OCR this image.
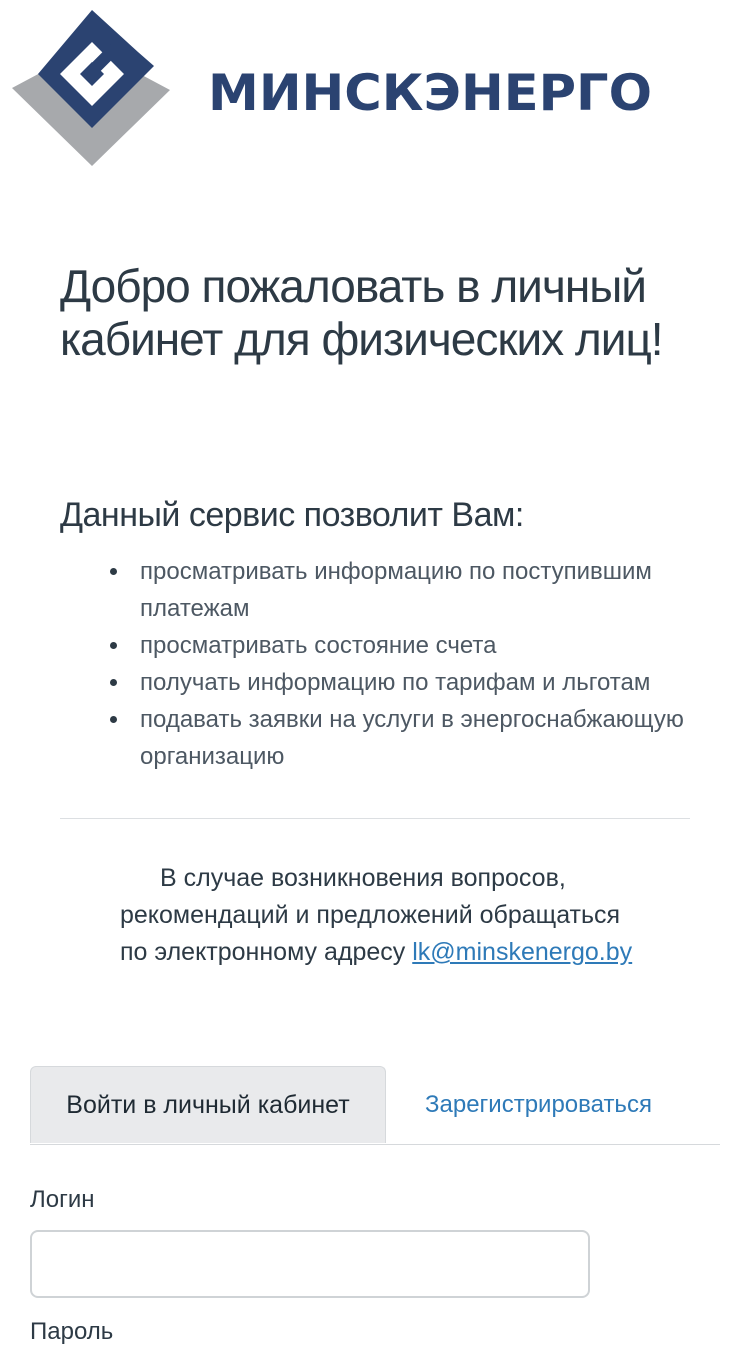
МИНСКЭНЕРГО
Добро пожаловать в личный кабинет для физических лиц!
Данный сервис позволит Вам:
просматривать информацию по поступившим платежам
просматривать состояние счета
получать информацию по тарифам и льготам
подавать заявки на услуги в энергоснабжающую организацию

В случае возникновения вопросов, рекомендаций и предложений обращаться по электронному адресу lk@minskenergo.by

Войти в личный кабинет	Зарегистрироваться
Логин
Пароль
